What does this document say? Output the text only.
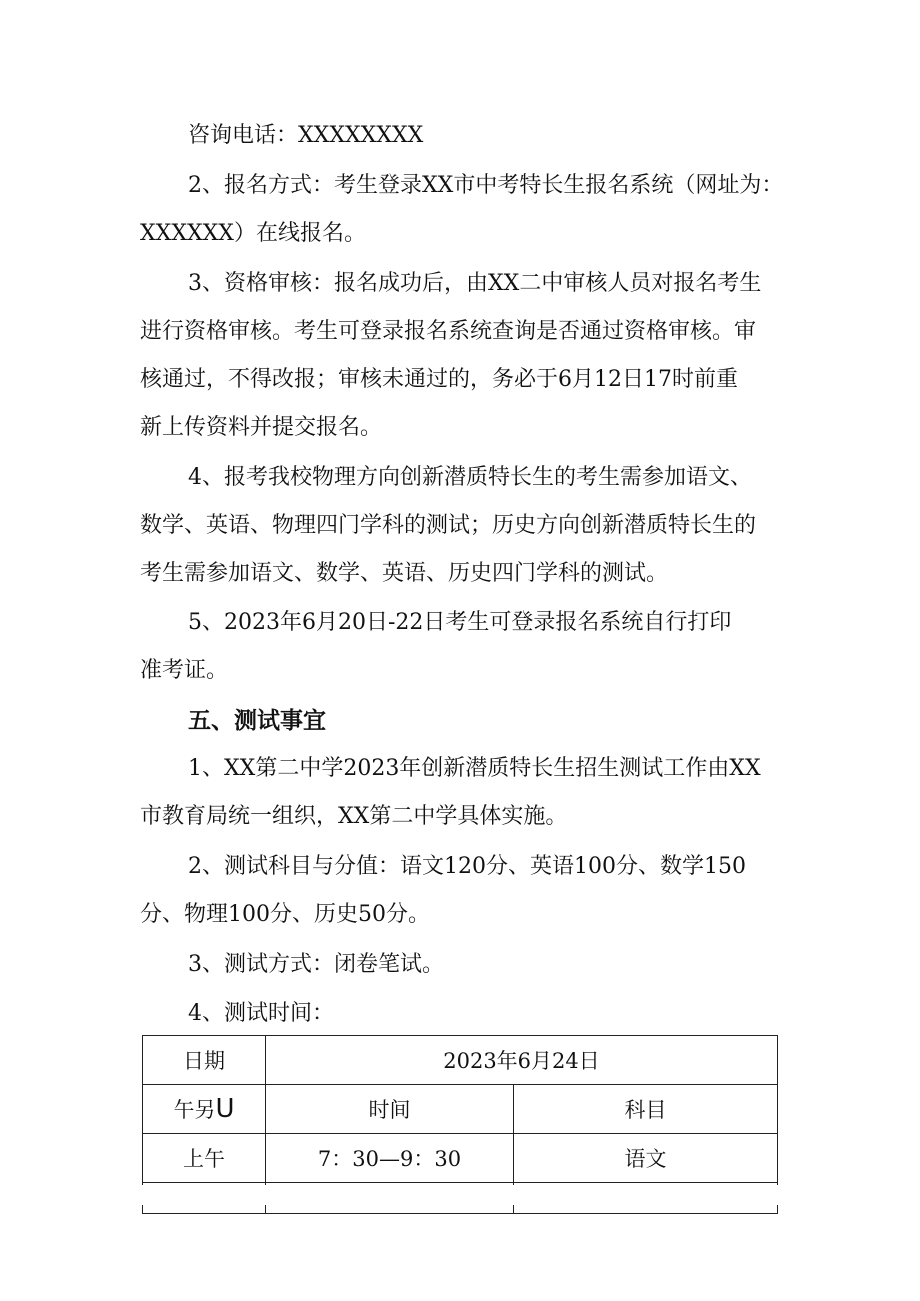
咨询电话：XXXXXXXX
2、报名方式：考生登录XX市中考特长生报名系统（网址为：
XXXXXX）在线报名。
3、资格审核：报名成功后，由XX二中审核人员对报名考生
进行资格审核。考生可登录报名系统查询是否通过资格审核。审
核通过，不得改报；审核未通过的，务必于6月12日17时前重
新上传资料并提交报名。
4、报考我校物理方向创新潜质特长生的考生需参加语文、
数学、英语、物理四门学科的测试；历史方向创新潜质特长生的
考生需参加语文、数学、英语、历史四门学科的测试。
5、2023年6月20日-22日考生可登录报名系统自行打印
准考证。
五、测试事宜
1、XX第二中学2023年创新潜质特长生招生测试工作由XX
市教育局统一组织，XX第二中学具体实施。
2、测试科目与分值：语文120分、英语100分、数学150
分、物理100分、历史50分。
3、测试方式：闭卷笔试。
4、测试时间：
日期	2023年6月24日	
午另U	时间	科目
上午	7：30—9：30	语文
